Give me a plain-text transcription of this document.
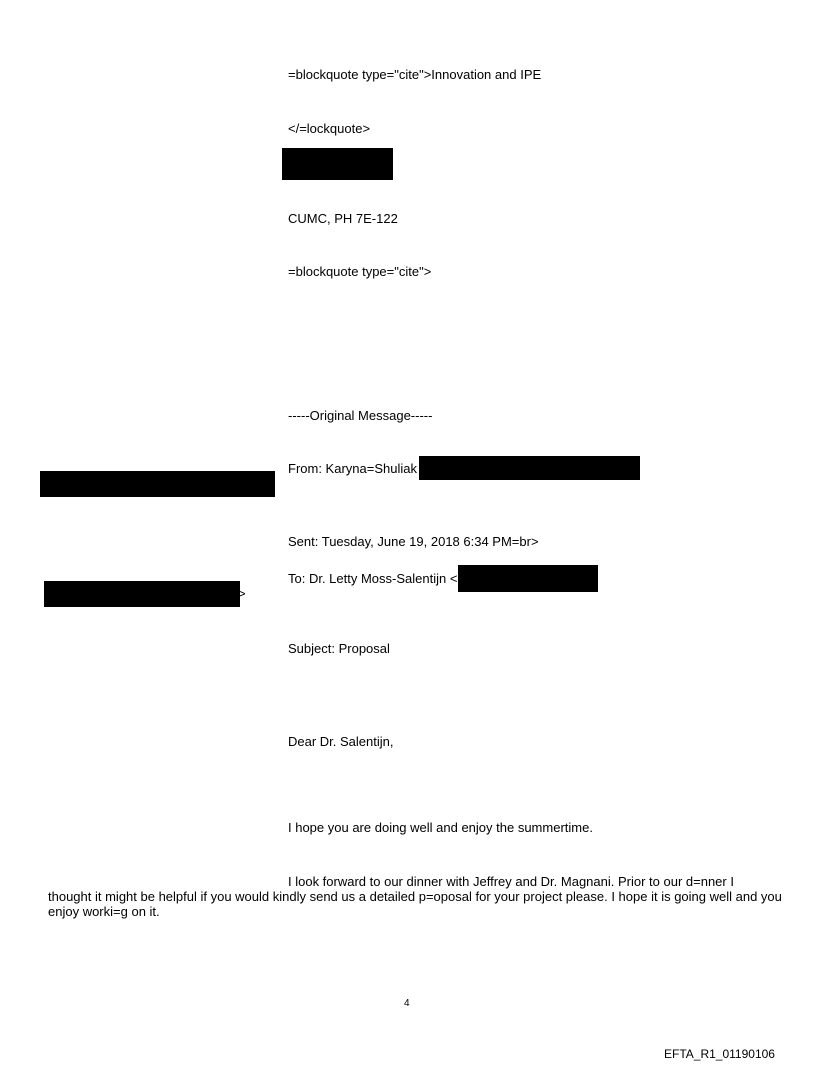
=blockquote type="cite">Innovation and IPE
</=lockquote>
CUMC, PH 7E-122
=blockquote type="cite">
-----Original Message-----
From: Karyna=Shuliak
Sent: Tuesday, June 19, 2018 6:34 PM=br>
To: Dr. Letty Moss-Salentijn <
>
Subject: Proposal
Dear Dr. Salentijn,
I hope you are doing well and enjoy the summertime.
I look forward to our dinner with Jeffrey and Dr. Magnani. Prior to our d=nner I
thought it might be helpful if you would kindly send us a detailed p=oposal for your project please. I hope it is going well and you enjoy worki=g on it.
4
EFTA_R1_01190106
